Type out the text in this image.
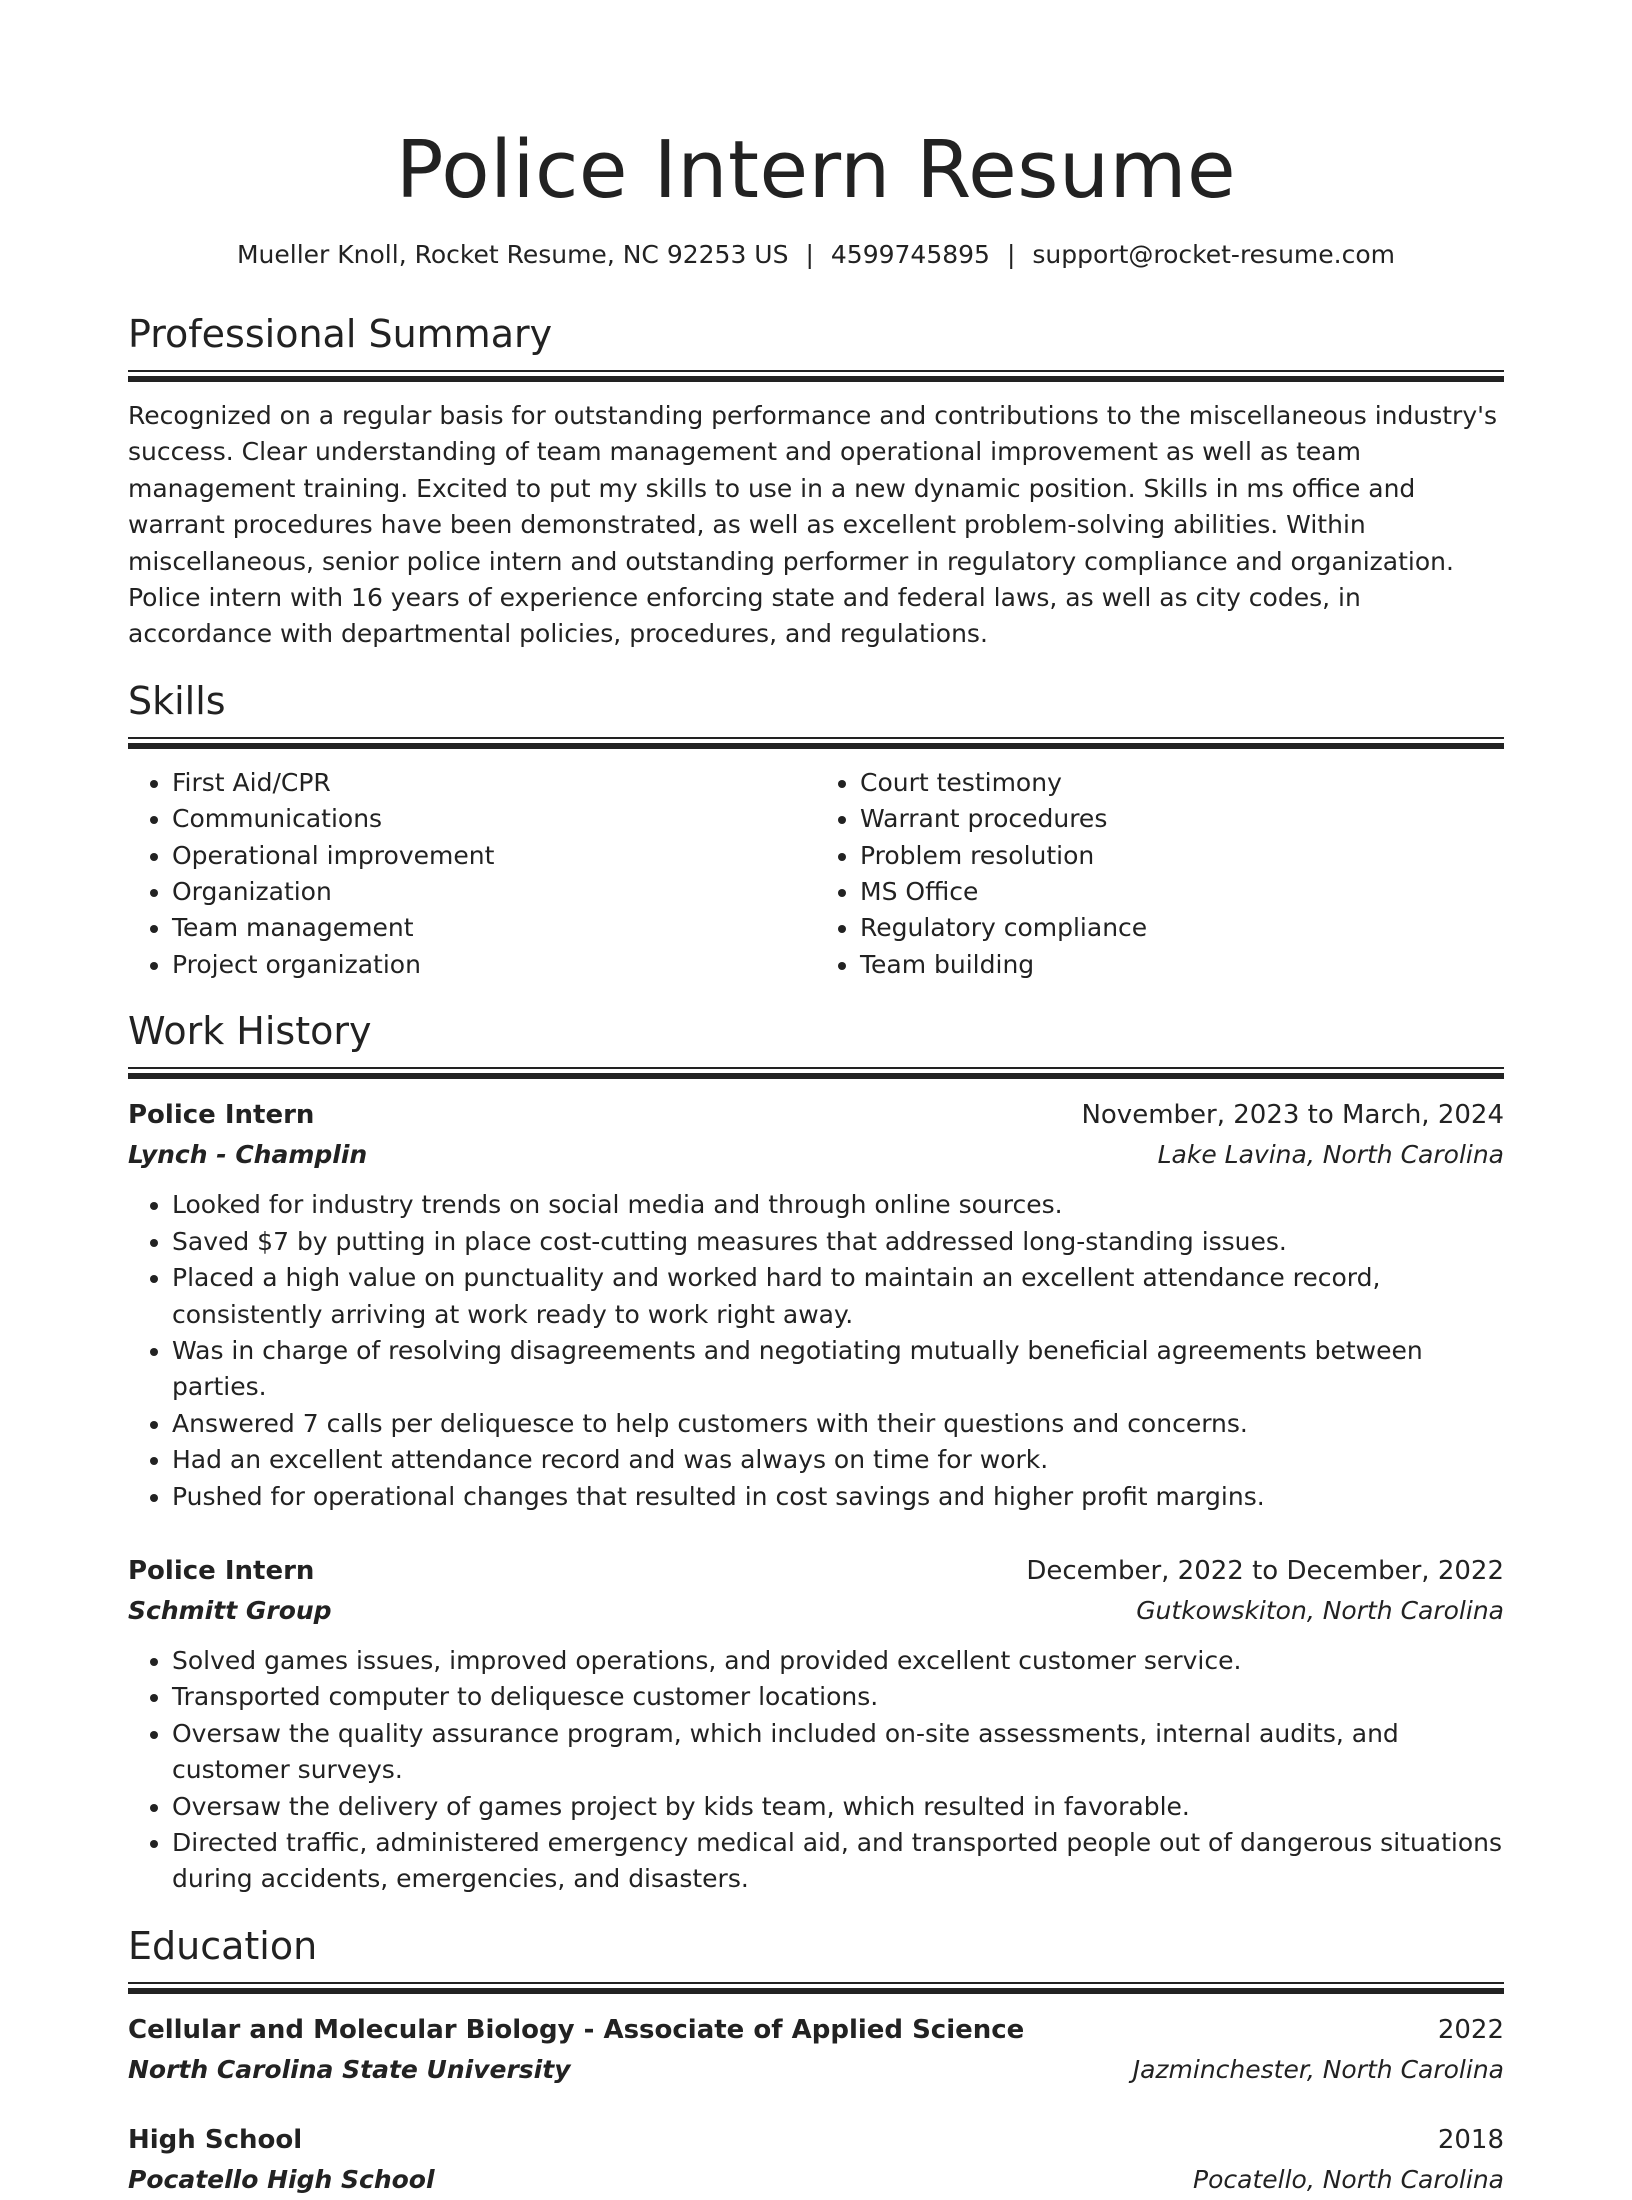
Police Intern Resume
Mueller Knoll, Rocket Resume, NC 92253 US | 4599745895 | support@rocket-resume.com
Professional Summary
Recognized on a regular basis for outstanding performance and contributions to the miscellaneous industry's success. Clear understanding of team management and operational improvement as well as team management training. Excited to put my skills to use in a new dynamic position. Skills in ms office and warrant procedures have been demonstrated, as well as excellent problem-solving abilities. Within miscellaneous, senior police intern and outstanding performer in regulatory compliance and organization. Police intern with 16 years of experience enforcing state and federal laws, as well as city codes, in accordance with departmental policies, procedures, and regulations.
Skills
• First Aid/CPR
• Communications
• Operational improvement
• Organization
• Team management
• Project organization
• Court testimony
• Warrant procedures
• Problem resolution
• MS Office
• Regulatory compliance
• Team building
Work History
Police Intern	November, 2023 to March, 2024
Lynch - Champlin	Lake Lavina, North Carolina
• Looked for industry trends on social media and through online sources.
• Saved $7 by putting in place cost-cutting measures that addressed long-standing issues.
• Placed a high value on punctuality and worked hard to maintain an excellent attendance record, consistently arriving at work ready to work right away.
• Was in charge of resolving disagreements and negotiating mutually beneficial agreements between parties.
• Answered 7 calls per deliquesce to help customers with their questions and concerns.
• Had an excellent attendance record and was always on time for work.
• Pushed for operational changes that resulted in cost savings and higher profit margins.
Police Intern	December, 2022 to December, 2022
Schmitt Group	Gutkowskiton, North Carolina
• Solved games issues, improved operations, and provided excellent customer service.
• Transported computer to deliquesce customer locations.
• Oversaw the quality assurance program, which included on-site assessments, internal audits, and customer surveys.
• Oversaw the delivery of games project by kids team, which resulted in favorable.
• Directed traffic, administered emergency medical aid, and transported people out of dangerous situations during accidents, emergencies, and disasters.
Education
Cellular and Molecular Biology - Associate of Applied Science	2022
North Carolina State University	Jazminchester, North Carolina
High School	2018
Pocatello High School	Pocatello, North Carolina
